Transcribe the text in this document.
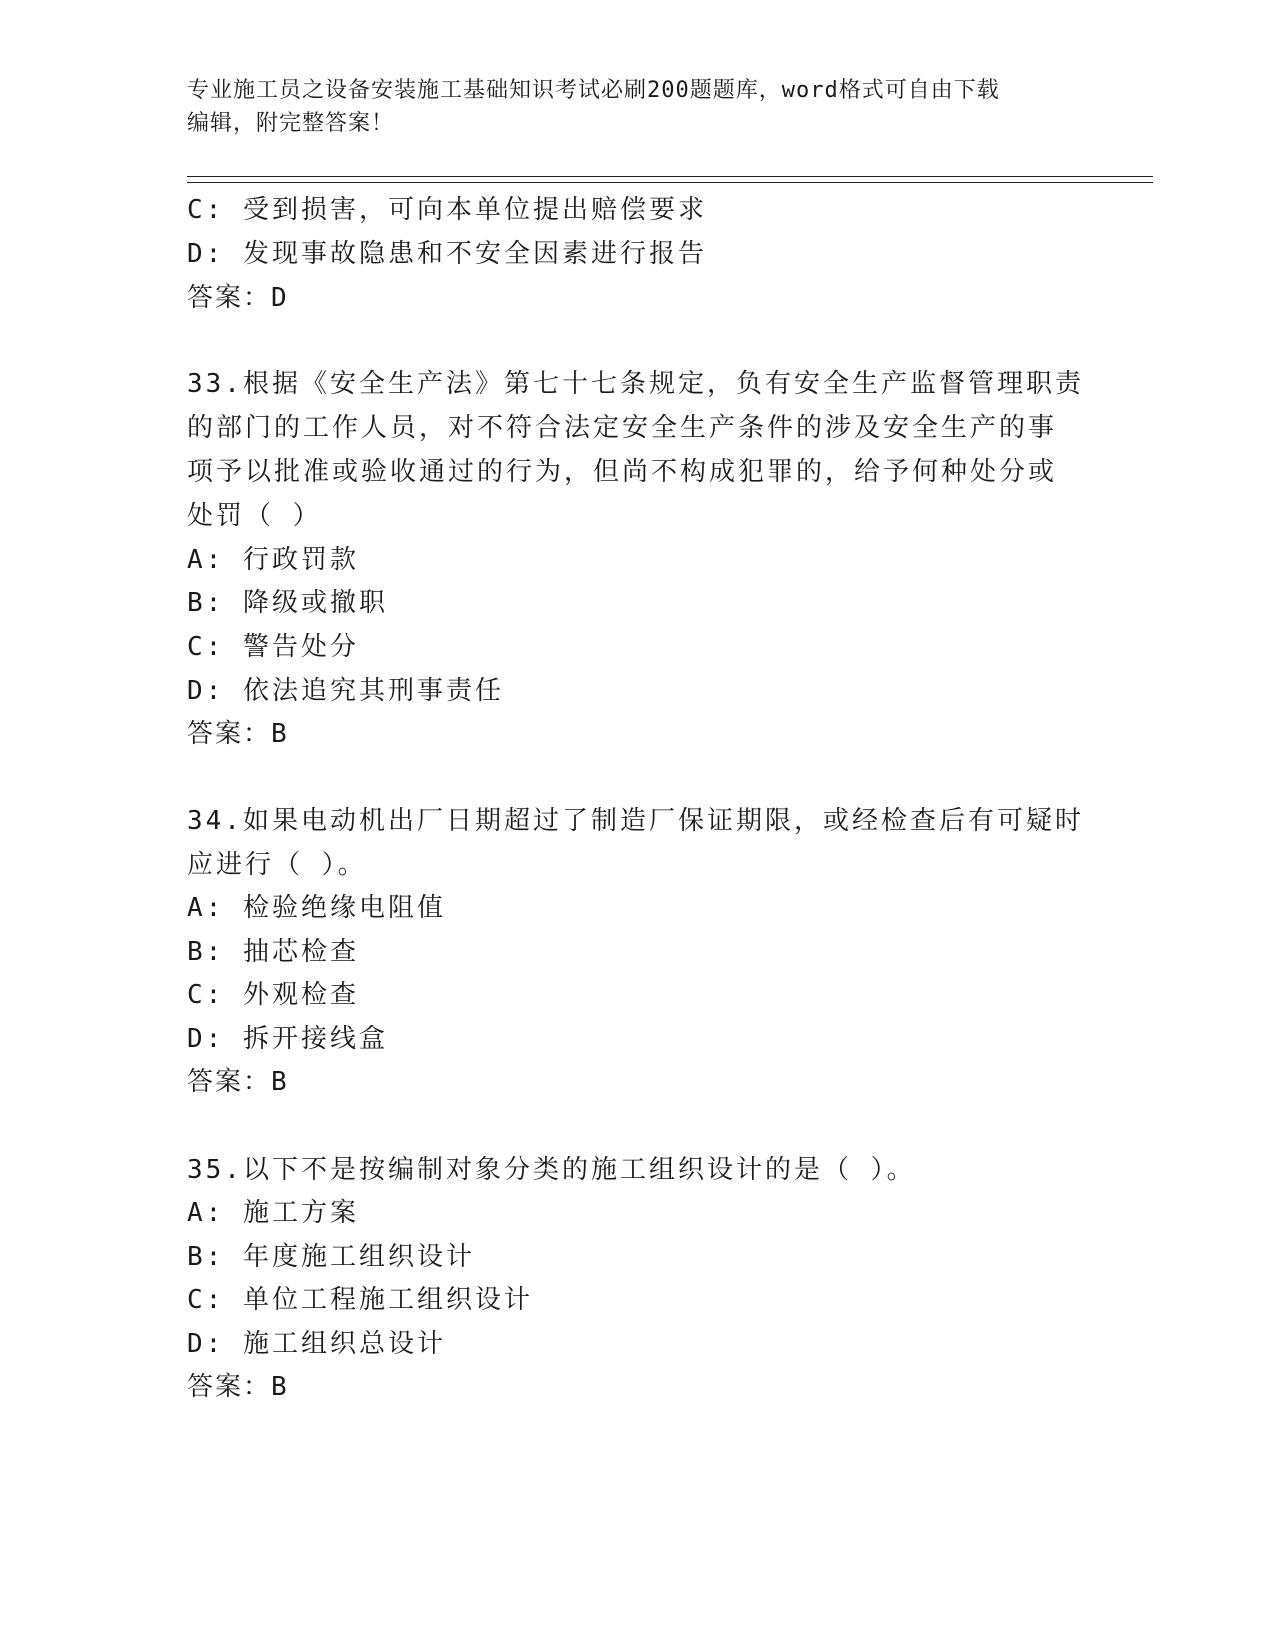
专业施工员之设备安装施工基础知识考试必刷200题题库，word格式可自由下载
编辑，附完整答案！
C: 受到损害，可向本单位提出赔偿要求
D: 发现事故隐患和不安全因素进行报告
答案：D
33.根据《安全生产法》第七十七条规定，负有安全生产监督管理职责
的部门的工作人员，对不符合法定安全生产条件的涉及安全生产的事
项予以批准或验收通过的行为，但尚不构成犯罪的，给予何种处分或
处罚（ ）
A: 行政罚款
B: 降级或撤职
C: 警告处分
D: 依法追究其刑事责任
答案：B
34.如果电动机出厂日期超过了制造厂保证期限，或经检查后有可疑时
应进行（ ）。
A: 检验绝缘电阻值
B: 抽芯检查
C: 外观检查
D: 拆开接线盒
答案：B
35.以下不是按编制对象分类的施工组织设计的是（ ）。
A: 施工方案
B: 年度施工组织设计
C: 单位工程施工组织设计
D: 施工组织总设计
答案：B
